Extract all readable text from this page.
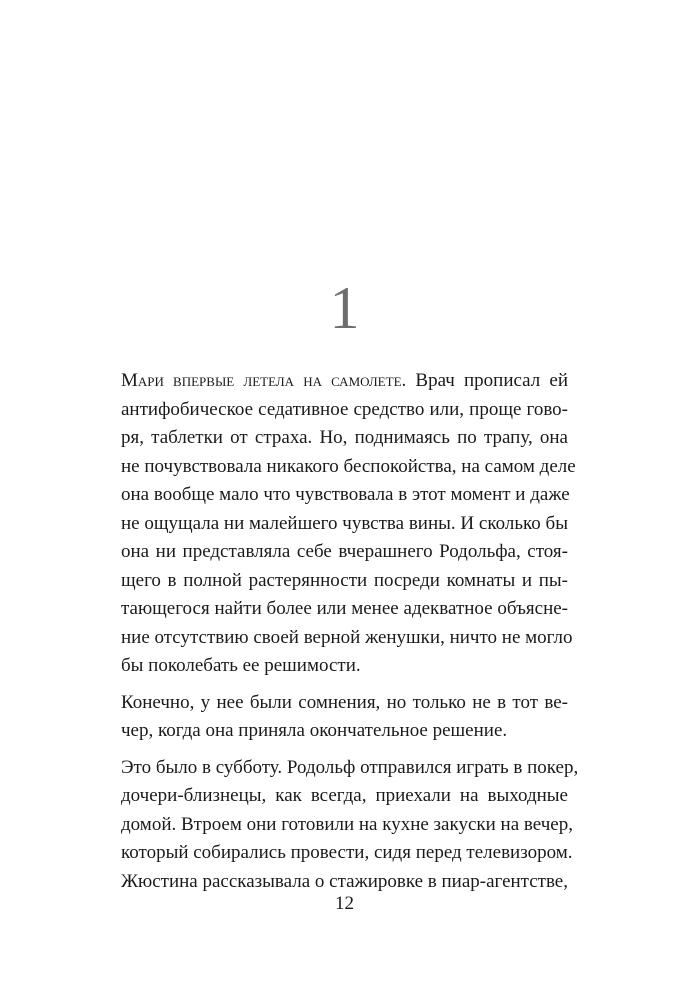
1
Мари впервые летела на самолете. Врач прописал ей
антифобическое седативное средство или, проще гово-
ря, таблетки от страха. Но, поднимаясь по трапу, она
не почувствовала никакого беспокойства, на самом деле
она вообще мало что чувствовала в этот момент и даже
не ощущала ни малейшего чувства вины. И сколько бы
она ни представляла себе вчерашнего Родольфа, стоя-
щего в полной растерянности посреди комнаты и пы-
тающегося найти более или менее адекватное объясне-
ние отсутствию своей верной женушки, ничто не могло
бы поколебать ее решимости.
Конечно, у нее были сомнения, но только не в тот ве-
чер, когда она приняла окончательное решение.
Это было в субботу. Родольф отправился играть в покер,
дочери-близнецы, как всегда, приехали на выходные
домой. Втроем они готовили на кухне закуски на вечер,
который собирались провести, сидя перед телевизором.
Жюстина рассказывала о стажировке в пиар-агентстве,
12
